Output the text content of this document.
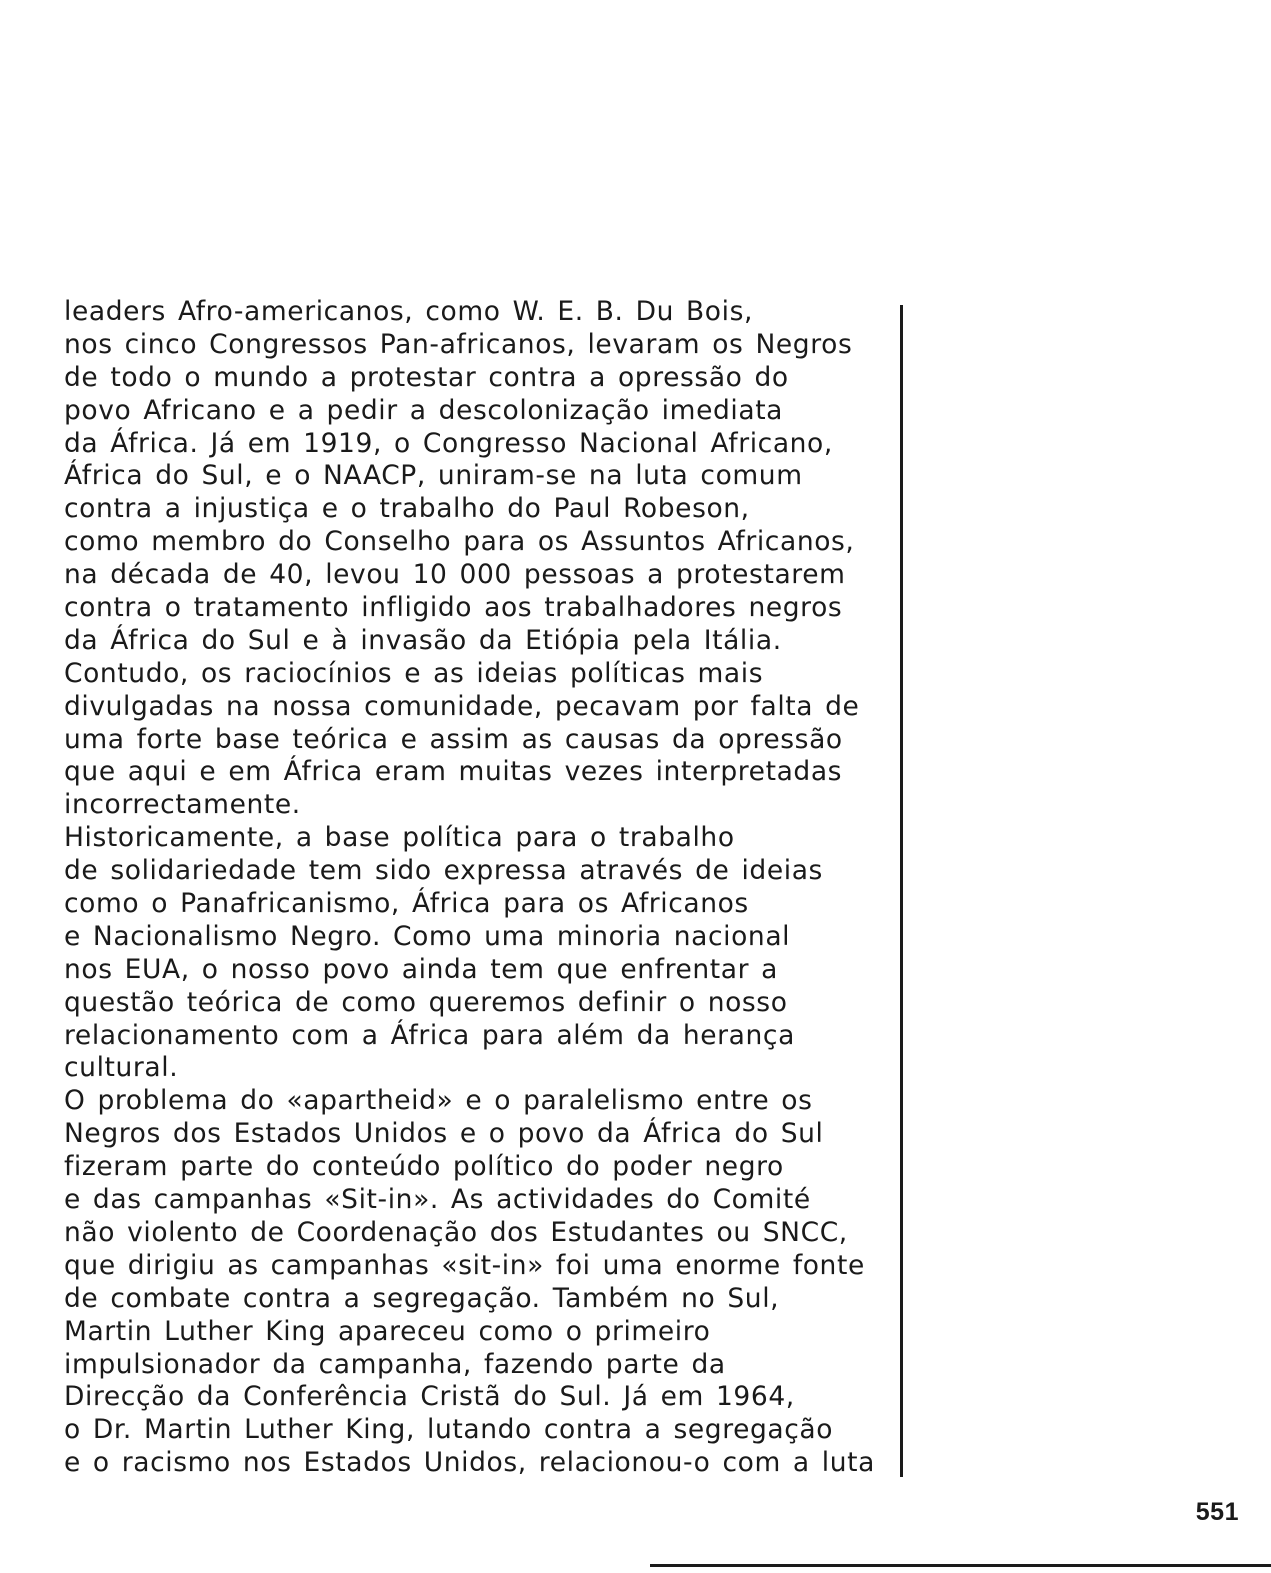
leaders Afro-americanos, como W. E. B. Du Bois,
nos cinco Congressos Pan-africanos, levaram os Negros
de todo o mundo a protestar contra a opressão do
povo Africano e a pedir a descolonização imediata
da África. Já em 1919, o Congresso Nacional Africano,
África do Sul, e o NAACP, uniram-se na luta comum
contra a injustiça e o trabalho do Paul Robeson,
como membro do Conselho para os Assuntos Africanos,
na década de 40, levou 10 000 pessoas a protestarem
contra o tratamento infligido aos trabalhadores negros
da África do Sul e à invasão da Etiópia pela Itália.
Contudo, os raciocínios e as ideias políticas mais
divulgadas na nossa comunidade, pecavam por falta de
uma forte base teórica e assim as causas da opressão
que aqui e em África eram muitas vezes interpretadas
incorrectamente.
Historicamente, a base política para o trabalho
de solidariedade tem sido expressa através de ideias
como o Panafricanismo, África para os Africanos
e Nacionalismo Negro. Como uma minoria nacional
nos EUA, o nosso povo ainda tem que enfrentar a
questão teórica de como queremos definir o nosso
relacionamento com a África para além da herança
cultural.
O problema do «apartheid» e o paralelismo entre os
Negros dos Estados Unidos e o povo da África do Sul
fizeram parte do conteúdo político do poder negro
e das campanhas «Sit-in». As actividades do Comité
não violento de Coordenação dos Estudantes ou SNCC,
que dirigiu as campanhas «sit-in» foi uma enorme fonte
de combate contra a segregação. Também no Sul,
Martin Luther King apareceu como o primeiro
impulsionador da campanha, fazendo parte da
Direcção da Conferência Cristã do Sul. Já em 1964,
o Dr. Martin Luther King, lutando contra a segregação
e o racismo nos Estados Unidos, relacionou-o com a luta
551
